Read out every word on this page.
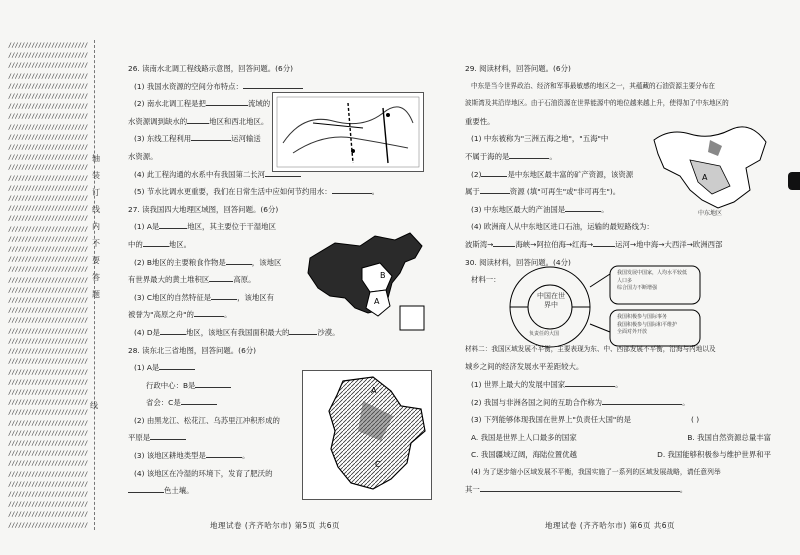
////////////////////////
////////////////////////
////////////////////////
////////////////////////
////////////////////////
////////////////////////
////////////////////////
////////////////////////
////////////////////////
////////////////////////
////////////////////////
////////////////////////
////////////////////////
////////////////////////
////////////////////////
////////////////////////
////////////////////////
////////////////////////
////////////////////////
////////////////////////
////////////////////////
////////////////////////
////////////////////////
////////////////////////
////////////////////////
////////////////////////
////////////////////////
////////////////////////
////////////////////////
////////////////////////
////////////////////////
////////////////////////
////////////////////////
////////////////////////
////////////////////////
////////////////////////
////////////////////////
////////////////////////
////////////////////////
////////////////////////
////////////////////////
////////////////////////
////////////////////////
////////////////////////
////////////////////////
////////////////////////
////////////////////////
////////////////////////
轴
装
订
线
内
不
要
答
题
线
26. 读南水北调工程线路示意图，回答问题。(6分)
(1) 我国水资源的空间分布特点：
(2) 南水北调工程是把	流域的
水资源调到缺水的	地区和西北地区。
(3) 东线工程利用	运河输送
水资源。
(4) 此工程沟通的水系中有我国第二长河
(5) 节水比调水更重要，我们在日常生活中应如何节约用水：	。
27. 读我国四大地理区域图，回答问题。(6分)
(1) A是	地区，其主要位于干湿地区
中的	地区。
(2) B地区的主要粮食作物是	，该地区
有世界最大的黄土堆积区	高原。
(3) C地区的自然特征是	，该地区有
被誉为"高原之舟"的	。
(4) D是	地区，该地区有我国面积最大的	沙漠。
28. 读东北三省地图，回答问题。(6分)
(1) A是
行政中心：B是
省会：C是
(2) 由黑龙江、松花江、乌苏里江冲积形成的
平原是
(3) 该地区耕地类型是	。
(4) 该地区在冷湿的环境下，发育了肥沃的
色土壤。
B
A
A
C
地理试卷 (齐齐哈尔市) 第5页 共6页
29. 阅读材料，回答问题。(6分)
中东是当今世界政治、经济和军事最敏感的地区之一，其蕴藏的石油资源主要分布在
波斯湾及其沿岸地区。由于石油资源在世界能源中的地位越来越上升，使得加了中东地区的
重要性。
(1) 中东被称为"三洲五海之地"，"五海"中
不属于海的是	。
(2)	是中东地区最丰富的矿产资源，该资源
属于	资源 (填"可再生"或"非可再生")。
(3) 中东地区最大的产油国是	。
(4) 欧洲商人从中东地区进口石油，运输的最短路线为：
波斯湾→	海峡→阿拉伯海→红海→	运河→地中海→大西洋→欧洲西部
30. 阅读材料，回答问题。(4分)
材料一：
材料二：我国区域发展不平衡，主要表现为东、中、西部发展不平衡，沿海与内地以及
城乡之间的经济发展水平差距较大。
(1) 世界上最大的发展中国家	。
(2) 我国与非洲各国之间的互助合作称为	。
(3) 下列能够体现我国在世界上"负责任大国"的是	( )
A. 我国是世界上人口最多的国家	B. 我国自然资源总量丰富
C. 我国疆域辽阔，海陆位置优越	D. 我国能够积极参与维护世界和平
(4) 为了逐步缩小区域发展不平衡，我国实施了一系列的区域发展战略，请任意列举
其一	。
A
中东地区
中国在世界中
负责任的大国
我国发展中国家，人均水平较低
人口多
综合国力不断增强
我国积极参与国际事务
我国积极参与国际和平维护
全面对外开放
地理试卷 (齐齐哈尔市) 第6页 共6页
